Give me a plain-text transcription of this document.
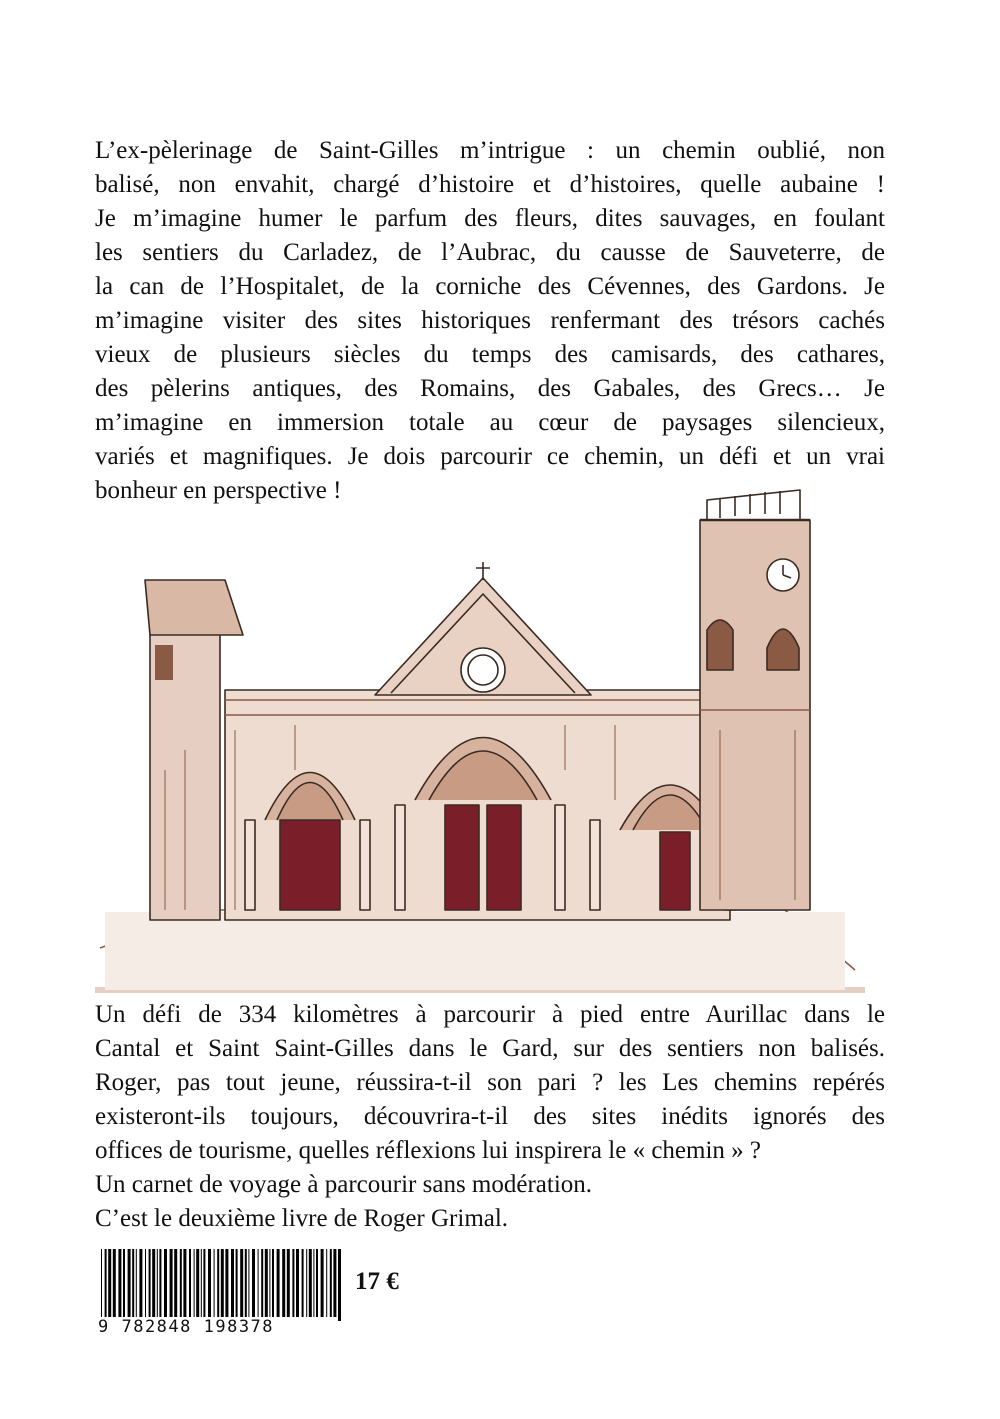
L’ex-pèlerinage de Saint-Gilles m’intrigue : un chemin oublié, non
balisé, non envahit, chargé d’histoire et d’histoires, quelle aubaine !
Je m’imagine humer le parfum des fleurs, dites sauvages, en foulant
les sentiers du Carladez, de l’Aubrac, du causse de Sauveterre, de
la can de l’Hospitalet, de la corniche des Cévennes, des Gardons. Je
m’imagine visiter des sites historiques renfermant des trésors cachés
vieux de plusieurs siècles du temps des camisards, des cathares,
des pèlerins antiques, des Romains, des Gabales, des Grecs… Je
m’imagine en immersion totale au cœur de paysages silencieux,
variés et magnifiques. Je dois parcourir ce chemin, un défi et un vrai
bonheur en perspective !
Un défi de 334 kilomètres à parcourir à pied entre Aurillac dans le
Cantal et Saint Saint-Gilles dans le Gard, sur des sentiers non balisés.
Roger, pas tout jeune, réussira-t-il son pari ? les Les chemins repérés
existeront-ils toujours, découvrira-t-il des sites inédits ignorés des
offices de tourisme, quelles réflexions lui inspirera le « chemin » ?
Un carnet de voyage à parcourir sans modération.
C’est le deuxième livre de Roger Grimal.
9 782848 198378
17 €
